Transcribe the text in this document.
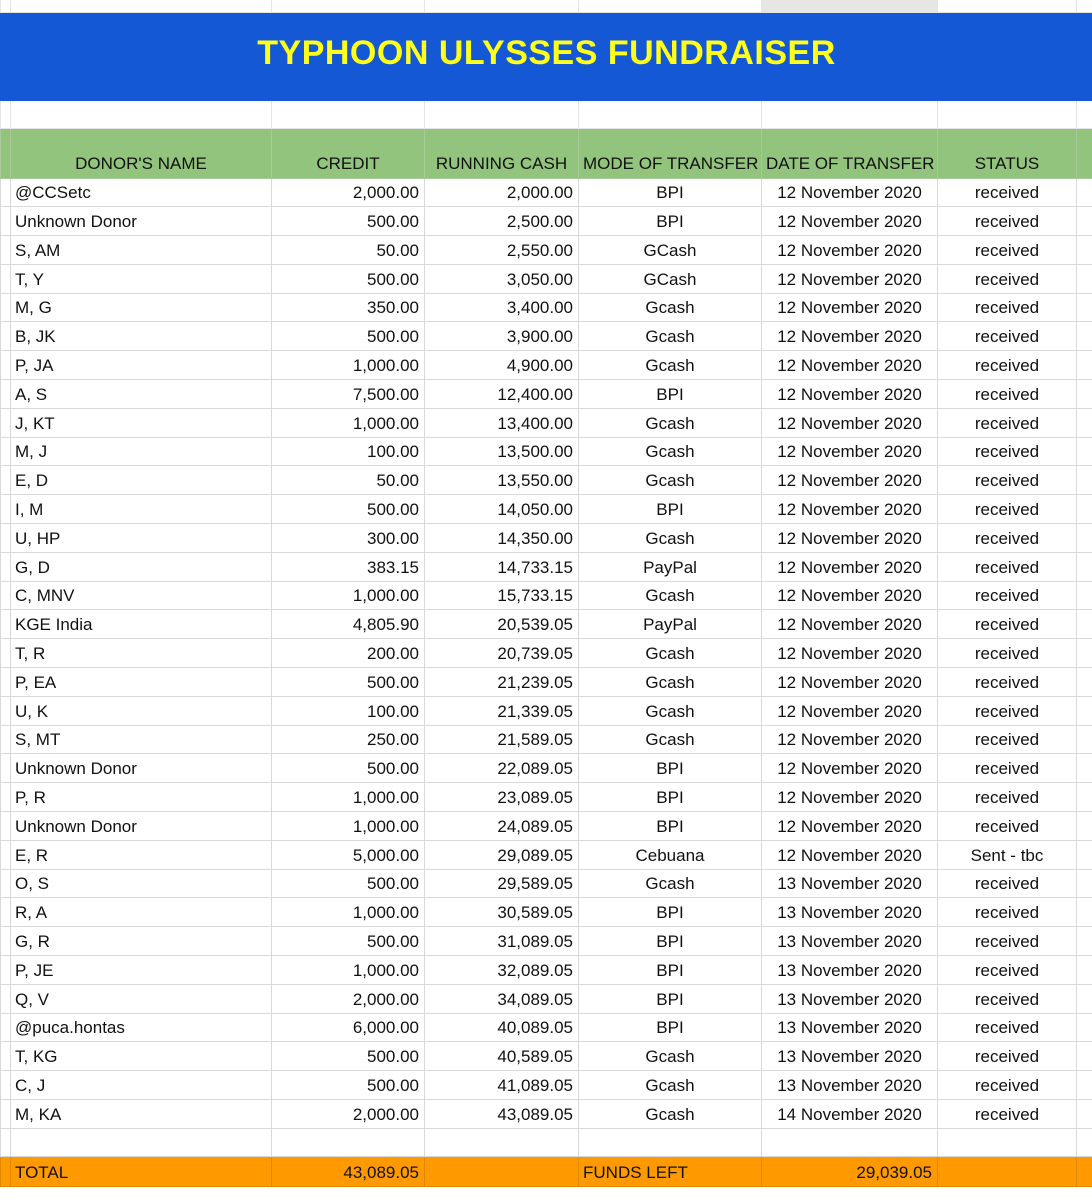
TYPHOON ULYSSES FUNDRAISER							

	DONOR'S NAME	CREDIT	RUNNING CASH	MODE OF TRANSFER	DATE OF TRANSFER	STATUS	
	@CCSetc	2,000.00	2,000.00	BPI	12 November 2020	received	
	Unknown Donor	500.00	2,500.00	BPI	12 November 2020	received	
	S, AM	50.00	2,550.00	GCash	12 November 2020	received	
	T, Y	500.00	3,050.00	GCash	12 November 2020	received	
	M, G	350.00	3,400.00	Gcash	12 November 2020	received	
	B, JK	500.00	3,900.00	Gcash	12 November 2020	received	
	P, JA	1,000.00	4,900.00	Gcash	12 November 2020	received	
	A, S	7,500.00	12,400.00	BPI	12 November 2020	received	
	J, KT	1,000.00	13,400.00	Gcash	12 November 2020	received	
	M, J	100.00	13,500.00	Gcash	12 November 2020	received	
	E, D	50.00	13,550.00	Gcash	12 November 2020	received	
	I, M	500.00	14,050.00	BPI	12 November 2020	received	
	U, HP	300.00	14,350.00	Gcash	12 November 2020	received	
	G, D	383.15	14,733.15	PayPal	12 November 2020	received	
	C, MNV	1,000.00	15,733.15	Gcash	12 November 2020	received	
	KGE India	4,805.90	20,539.05	PayPal	12 November 2020	received	
	T, R	200.00	20,739.05	Gcash	12 November 2020	received	
	P, EA	500.00	21,239.05	Gcash	12 November 2020	received	
	U, K	100.00	21,339.05	Gcash	12 November 2020	received	
	S, MT	250.00	21,589.05	Gcash	12 November 2020	received	
	Unknown Donor	500.00	22,089.05	BPI	12 November 2020	received	
	P, R	1,000.00	23,089.05	BPI	12 November 2020	received	
	Unknown Donor	1,000.00	24,089.05	BPI	12 November 2020	received	
	E, R	5,000.00	29,089.05	Cebuana	12 November 2020	Sent - tbc	
	O, S	500.00	29,589.05	Gcash	13 November 2020	received	
	R, A	1,000.00	30,589.05	BPI	13 November 2020	received	
	G, R	500.00	31,089.05	BPI	13 November 2020	received	
	P, JE	1,000.00	32,089.05	BPI	13 November 2020	received	
	Q, V	2,000.00	34,089.05	BPI	13 November 2020	received	
	@puca.hontas	6,000.00	40,089.05	BPI	13 November 2020	received	
	T, KG	500.00	40,589.05	Gcash	13 November 2020	received	
	C, J	500.00	41,089.05	Gcash	13 November 2020	received	
	M, KA	2,000.00	43,089.05	Gcash	14 November 2020	received	

	TOTAL	43,089.05		FUNDS LEFT	29,039.05		
